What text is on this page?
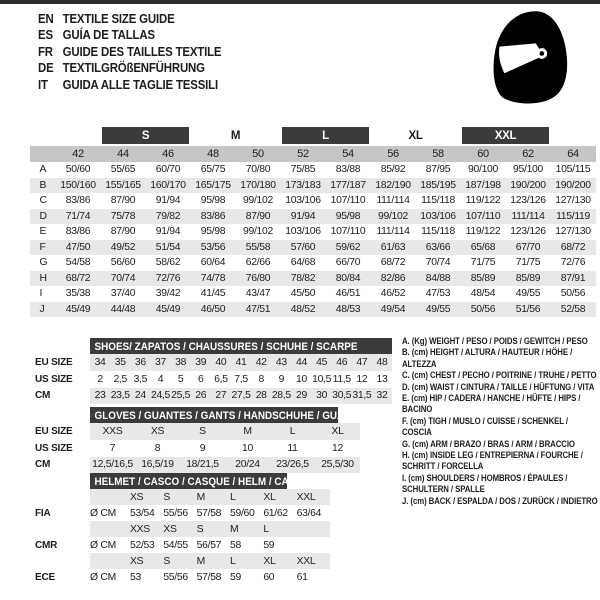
EN TEXTILE SIZE GUIDE
ES GUÍA DE TALLAS
FR GUIDE DES TAILLES TEXTILE
DE TEXTILGRÖßENFÜHRUNG
IT GUIDA ALLE TAGLIE TESSILI
		S		M		L		XL		XXL		
	42	44	46	48	50	52	54	56	58	60	62	64
A	50/60	55/65	60/70	65/75	70/80	75/85	83/88	85/92	87/95	90/100	95/100	105/115
B	150/160	155/165	160/170	165/175	170/180	173/183	177/187	182/190	185/195	187/198	190/200	190/200
C	83/86	87/90	91/94	95/98	99/102	103/106	107/110	111/114	115/118	119/122	123/126	127/130
D	71/74	75/78	79/82	83/86	87/90	91/94	95/98	99/102	103/106	107/110	111/114	115/119
E	83/86	87/90	91/94	95/98	99/102	103/106	107/110	111/114	115/118	119/122	123/126	127/130
F	47/50	49/52	51/54	53/56	55/58	57/60	59/62	61/63	63/66	65/68	67/70	68/72
G	54/58	56/60	58/62	60/64	62/66	64/68	66/70	68/72	70/74	71/75	71/75	72/76
H	68/72	70/74	72/76	74/78	76/80	78/82	80/84	82/86	84/88	85/89	85/89	87/91
I	35/38	37/40	39/42	41/45	43/47	45/50	46/51	46/52	47/53	48/54	49/55	50/56
J	45/49	44/48	45/49	46/50	47/51	48/52	48/53	49/54	49/55	50/56	51/56	52/58
SHOES/ ZAPATOS / CHAUSSURES / SCHUHE / SCARPE
EU SIZE	34 35 36 37 38 39 40 41 42 43 44 45 46 47 48
US SIZE	2	2,5 3,5	4	5	6	6,5 7,5	8	9	10 10,5 11,5 12 13
CM	23 23,5 24 24,5 25,5 26 27 27,5 28 28,5 29 30 30,5 31,5 32
GLOVES / GUANTES / GANTS / HANDSCHUHE / GUANTI
EU SIZE	XXS	XS	S	M	L	XL
US SIZE	7	8	9	10	11	12
CM	12,5/16,5 16,5/19	18/21,5	20/24	23/26,5	25,5/30
HELMET / CASCO / CASQUE / HELM / CASCO
XS	S	M	L	XL	XXL
FIA	Ø CM	53/54 55/56 57/58 59/60 61/62 63/64
XXS	XS	S	M	L
CMR	Ø CM	52/53 54/55 56/57 58	59
XS	S	M	L	XL	XXL
ECE	Ø CM	53	55/56 57/58 59	60	61

A. (Kg) WEIGHT / PESO / POIDS / GEWITCH / PESO

B. (cm) HEIGHT / ALTURA / HAUTEUR / HÖHE / ALTEZZA

C. (cm) CHEST / PECHO / POITRINE / TRUHE / PETTO

D. (cm) WAIST / CINTURA / TAILLE / HÜFTUNG / VITA

E. (cm) HIP / CADERA / HANCHE / HÜFTE / HIPS / BACINO

F. (cm) TIGH / MUSLO / CUISSE / SCHENKEL / COSCIA

G. (cm) ARM / BRAZO / BRAS / ARM / BRACCIO

H. (cm) INSIDE LEG / ENTREPIERNA / FOURCHE / SCHRITT / FORCELLA

I. (cm) SHOULDERS / HOMBROS / ÉPAULES / SCHULTERN / SPALLE

J. (cm) BACK / ESPALDA / DOS / ZURÜCK / INDIETRO
